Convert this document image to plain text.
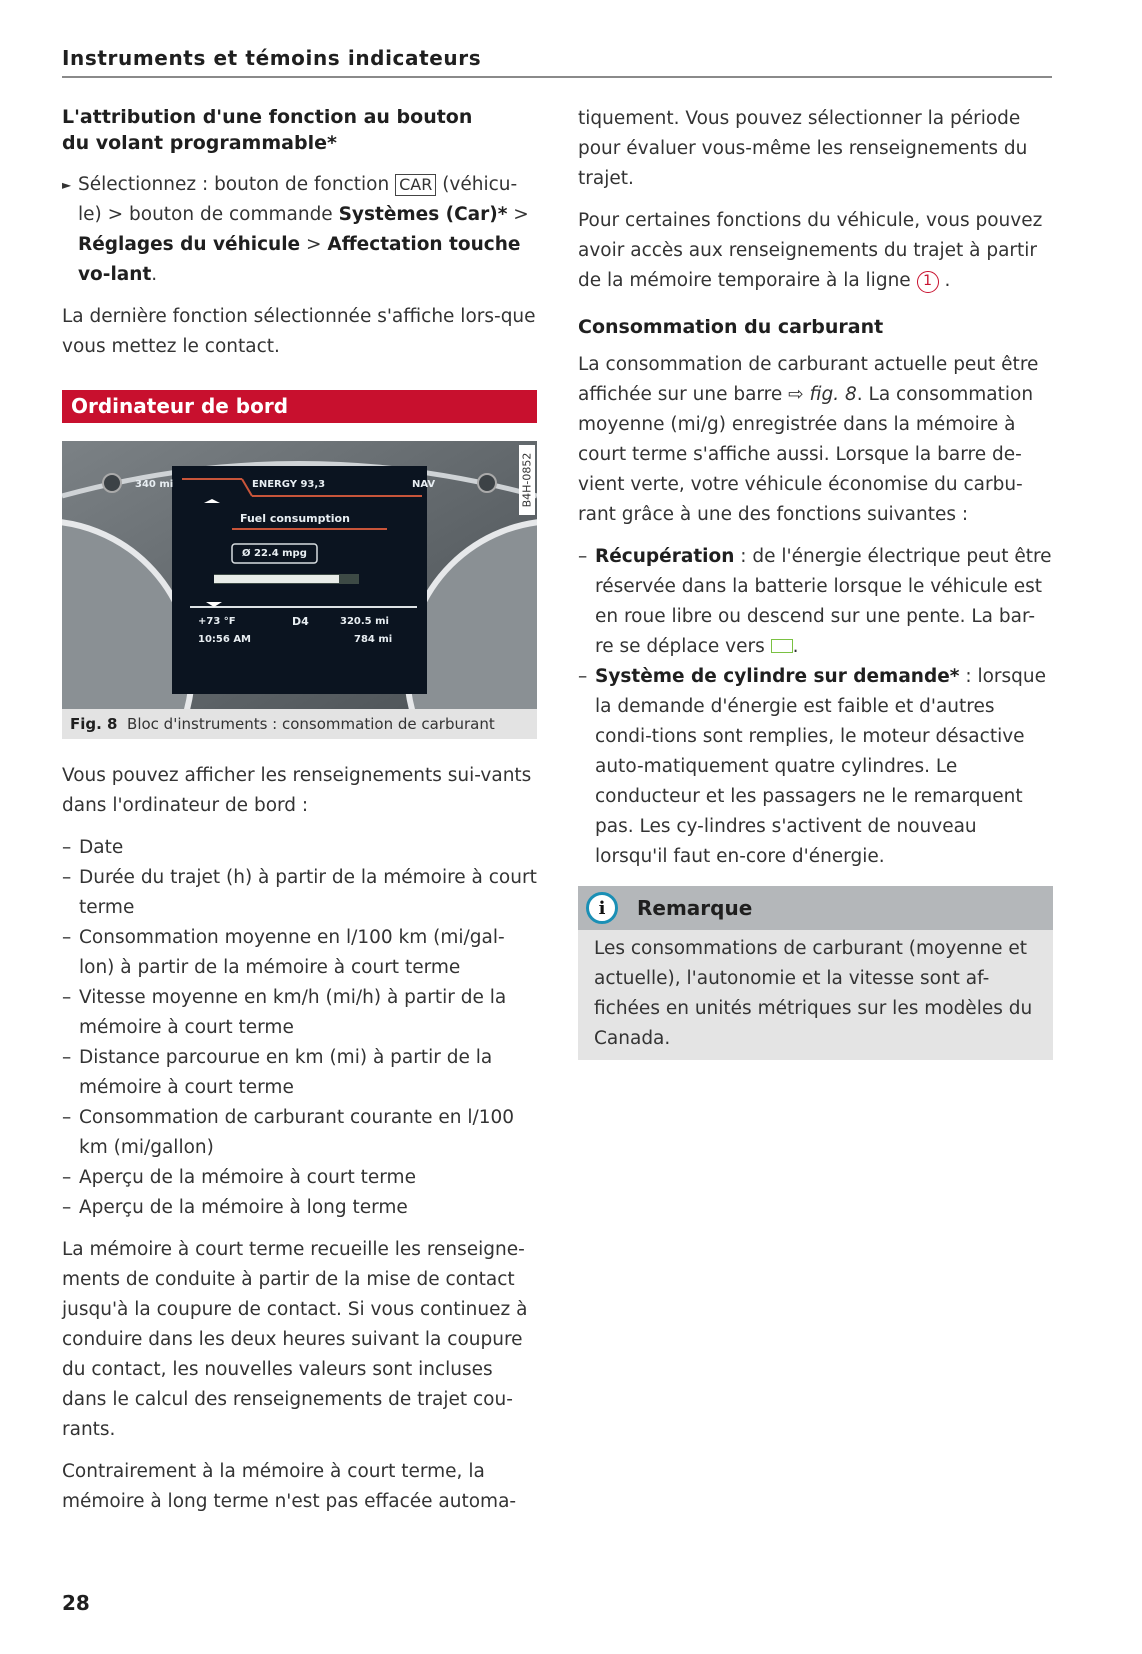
Instruments et témoins indicateurs
L'attribution d'une fonction au bouton du volant programmable*
► Sélectionnez : bouton de fonction CAR (véhicu-le) > bouton de commande Systèmes (Car)* > Réglages du véhicule > Affectation touche vo-lant.

La dernière fonction sélectionnée s'affiche lors-que vous mettez le contact.

Ordinateur de bord
340 mi	ENERGY 93,3	NAV
Fuel consumption
Ø 22.4 mpg
+73 °F
10:56 AM
D4	320.5 mi
784 mi
B4H-0852
Fig. 8 Bloc d'instruments : consommation de carburant

Vous pouvez afficher les renseignements sui-vants dans l'ordinateur de bord :

– Date
– Durée du trajet (h) à partir de la mémoire à court terme
– Consommation moyenne en l/100 km (mi/gal-lon) à partir de la mémoire à court terme
– Vitesse moyenne en km/h (mi/h) à partir de la mémoire à court terme
– Distance parcourue en km (mi) à partir de la mémoire à court terme
– Consommation de carburant courante en l/100 km (mi/gallon)
– Aperçu de la mémoire à court terme
– Aperçu de la mémoire à long terme

La mémoire à court terme recueille les renseigne-ments de conduite à partir de la mise de contact jusqu'à la coupure de contact. Si vous continuez à conduire dans les deux heures suivant la coupure du contact, les nouvelles valeurs sont incluses dans le calcul des renseignements de trajet cou-rants.

Contrairement à la mémoire à court terme, la mémoire à long terme n'est pas effacée automa-

tiquement. Vous pouvez sélectionner la période pour évaluer vous-même les renseignements du trajet.

Pour certaines fonctions du véhicule, vous pouvez avoir accès aux renseignements du trajet à partir de la mémoire temporaire à la ligne 1 .

Consommation du carburant

La consommation de carburant actuelle peut être affichée sur une barre ⇨ fig. 8. La consommation moyenne (mi/g) enregistrée dans la mémoire à court terme s'affiche aussi. Lorsque la barre de-vient verte, votre véhicule économise du carbu-rant grâce à une des fonctions suivantes :

– Récupération : de l'énergie électrique peut être réservée dans la batterie lorsque le véhicule est en roue libre ou descend sur une pente. La bar-re se déplace vers .
– Système de cylindre sur demande* : lorsque la demande d'énergie est faible et d'autres condi-tions sont remplies, le moteur désactive auto-matiquement quatre cylindres. Le conducteur et les passagers ne le remarquent pas. Les cy-lindres s'activent de nouveau lorsqu'il faut en-core d'énergie.
i	Remarque
Les consommations de carburant (moyenne et actuelle), l'autonomie et la vitesse sont af-fichées en unités métriques sur les modèles du Canada.
28
